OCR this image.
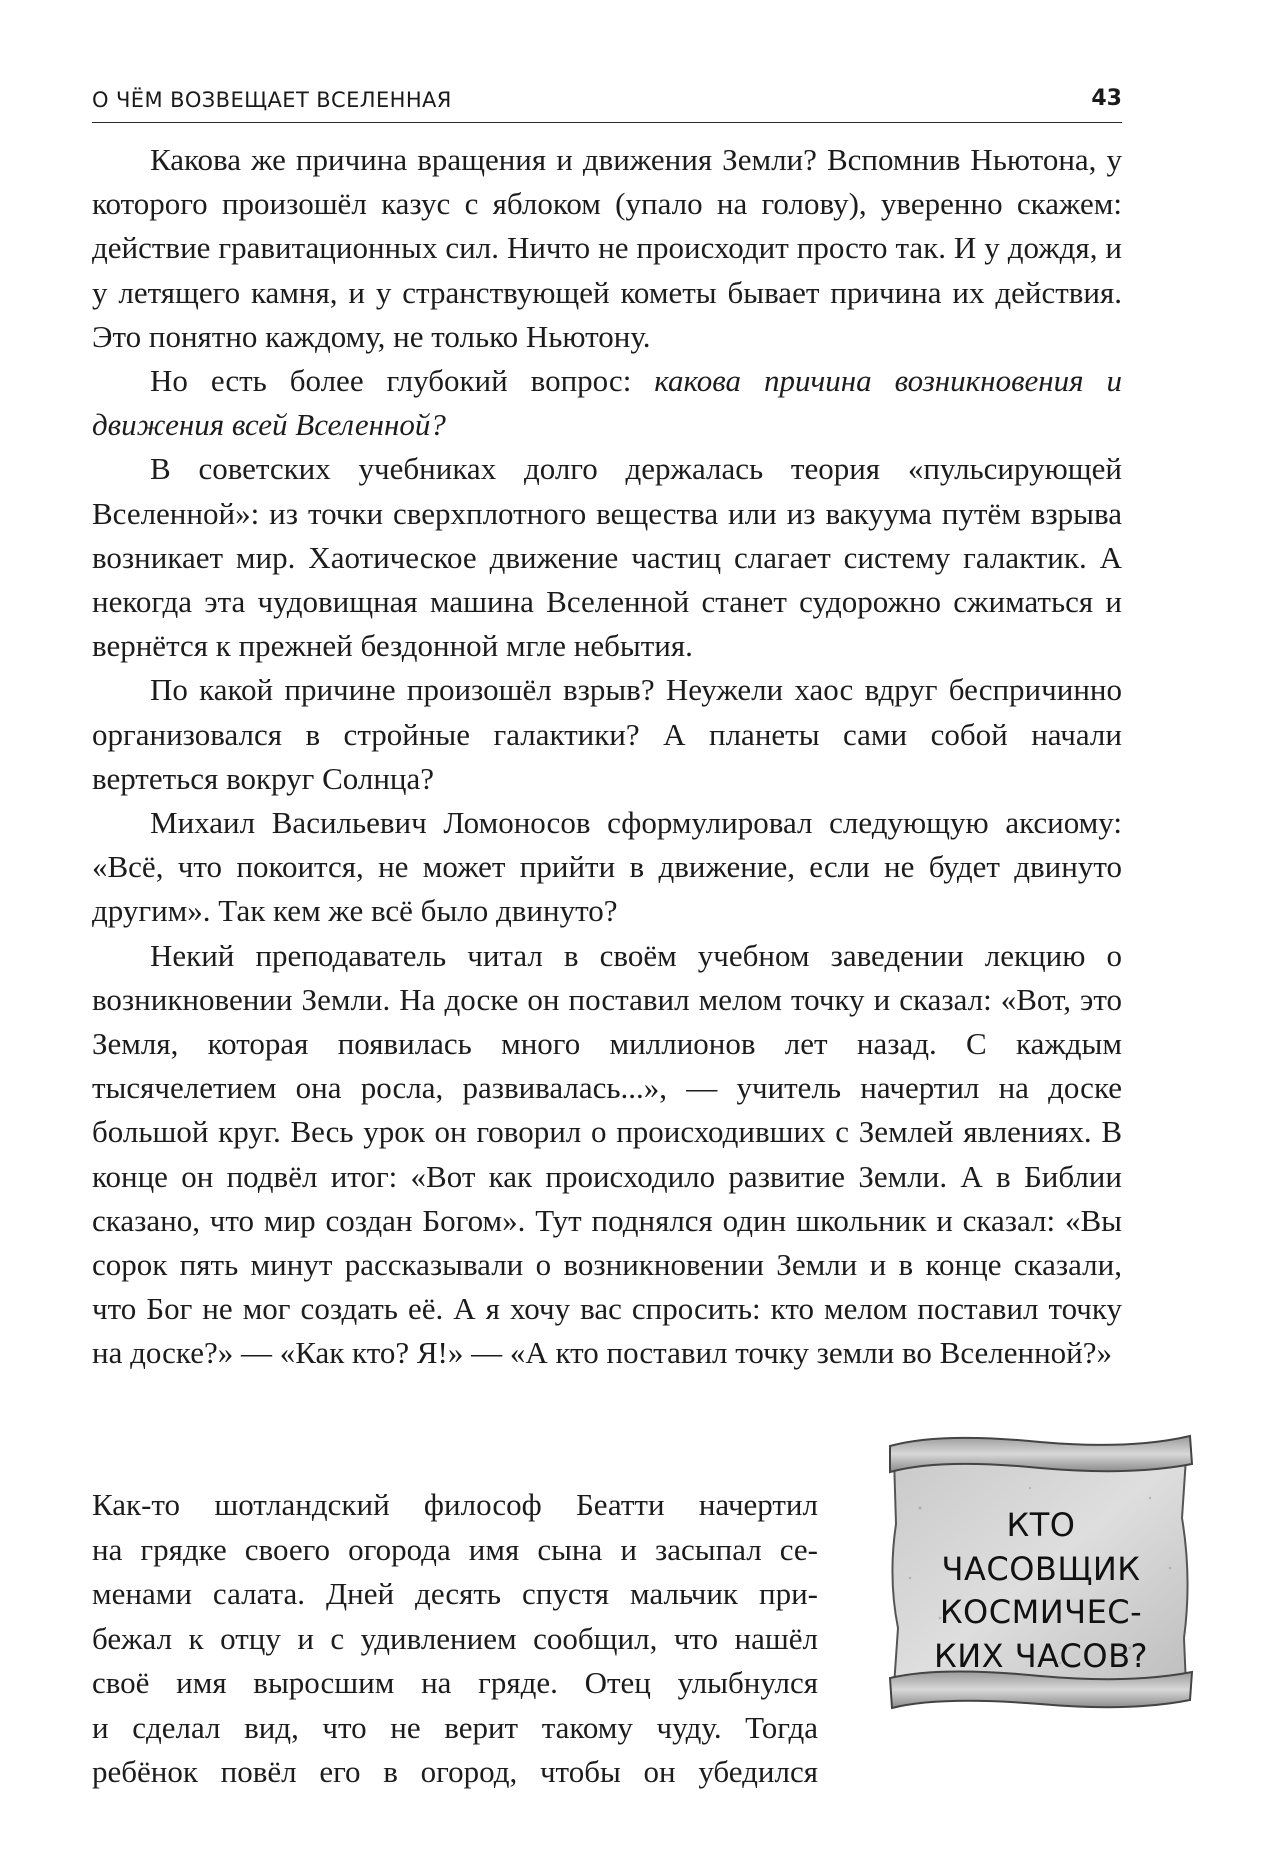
О ЧЁМ ВОЗВЕЩАЕТ ВСЕЛЕННАЯ	43

Какова же причина вращения и движения Земли? Вспомнив Ньютона, у которого произошёл казус с яблоком (упало на голову), уверенно скажем: действие гравитационных сил. Ничто не происходит просто так. И у дождя, и у летящего камня, и у странствующей кометы бывает причина их действия. Это понятно каждому, не только Ньютону.

Но есть более глубокий вопрос: какова причина возникновения и движения всей Вселенной?

В советских учебниках долго держалась теория «пульсирующей Вселенной»: из точки сверхплотного вещества или из вакуума путём взрыва возникает мир. Хаотическое движение частиц слагает систему галактик. А некогда эта чудовищная машина Вселенной станет судорожно сжиматься и вернётся к прежней бездонной мгле небытия.

По какой причине произошёл взрыв? Неужели хаос вдруг беспричинно организовался в стройные галактики? А планеты сами собой начали вертеться вокруг Солнца?

Михаил Васильевич Ломоносов сформулировал следующую аксиому: «Всё, что покоится, не может прийти в движение, если не будет двинуто другим». Так кем же всё было двинуто?

Некий преподаватель читал в своём учебном заведении лекцию о возникновении Земли. На доске он поставил мелом точку и сказал: «Вот, это Земля, которая появилась много миллионов лет назад. С каждым тысячелетием она росла, развивалась...», — учитель начертил на доске большой круг. Весь урок он говорил о происходивших с Землей явлениях. В конце он подвёл итог: «Вот как происходило развитие Земли. А в Библии сказано, что мир создан Богом». Тут поднялся один школьник и сказал: «Вы сорок пять минут рассказывали о возникновении Земли и в конце сказали, что Бог не мог создать её. А я хочу вас спросить: кто мелом поставил точку на доске?» — «Как кто? Я!» — «А кто поставил точку земли во Вселенной?»

Как-то шотландский философ Беатти начертил

на грядке своего огорода имя сына и засыпал се-

менами салата. Дней десять спустя мальчик при-

бежал к отцу и с удивлением сообщил, что нашёл

своё имя выросшим на гряде. Отец улыбнулся

и сделал вид, что не верит такому чуду. Тогда

ребёнок повёл его в огород, чтобы он убедился

КТО
ЧАСОВЩИК
КОСМИЧЕС-
КИХ ЧАСОВ?
